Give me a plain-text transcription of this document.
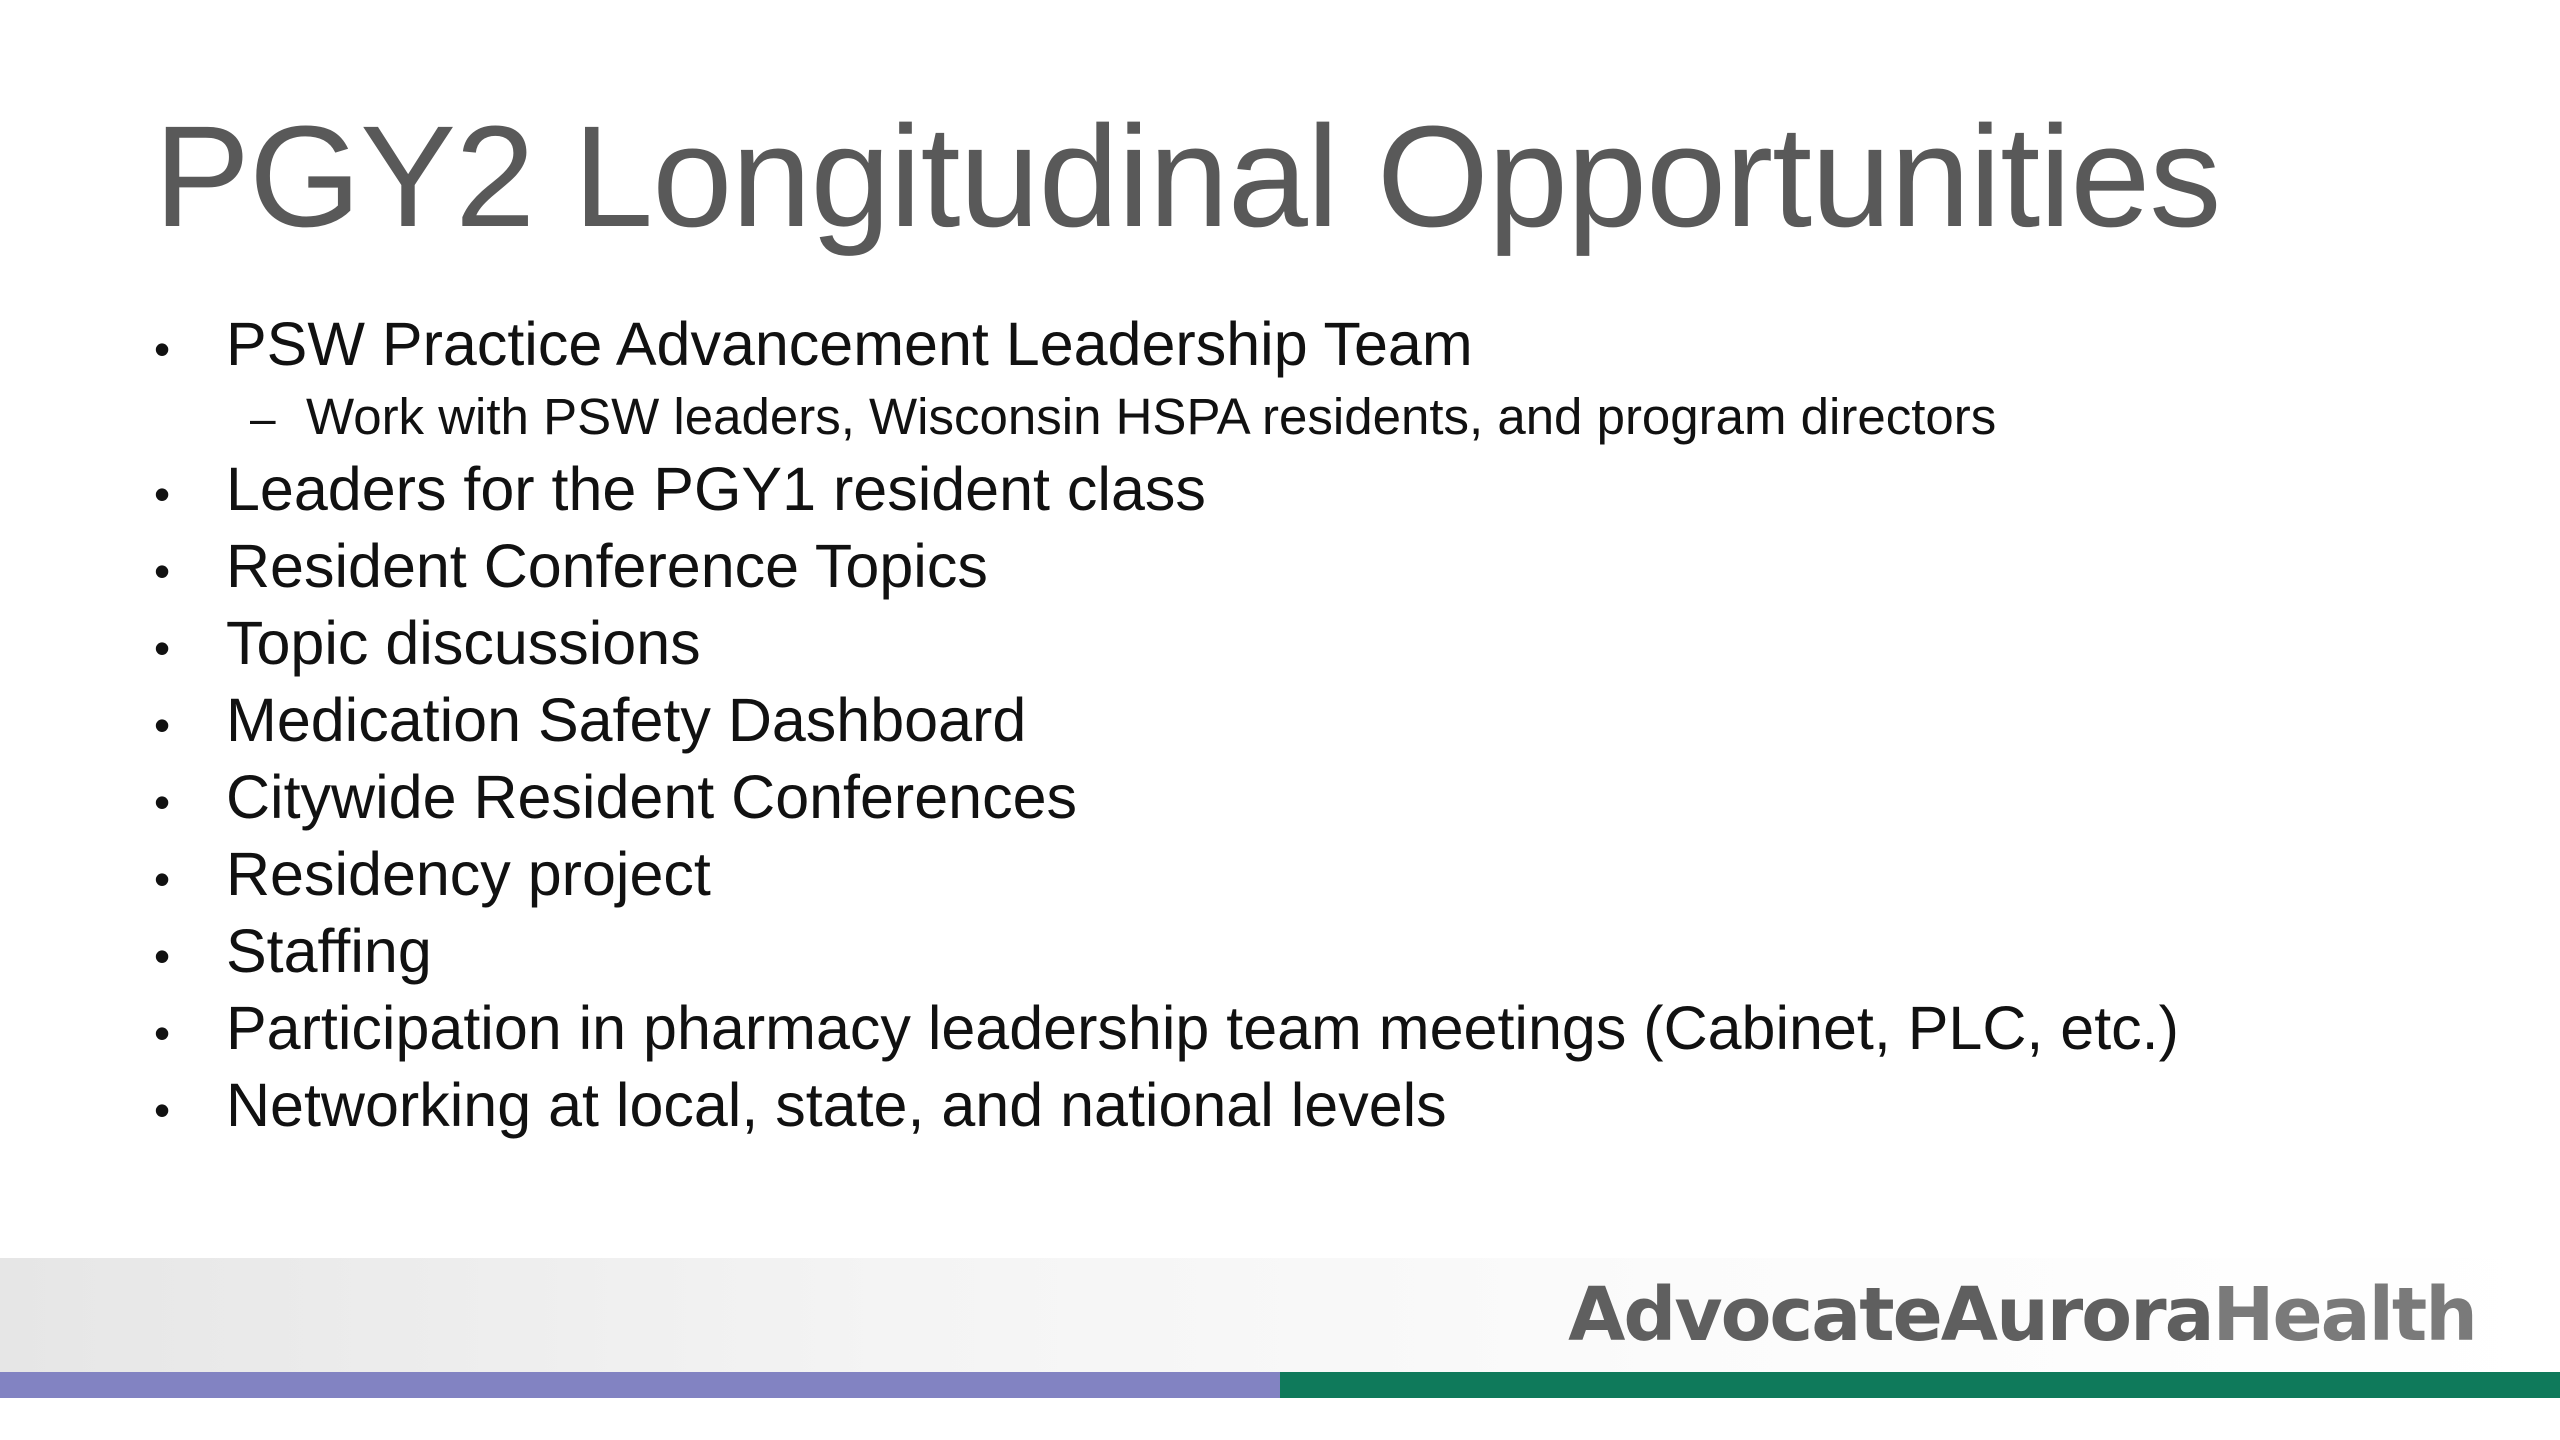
PGY2 Longitudinal Opportunities
• PSW Practice Advancement Leadership Team
– Work with PSW leaders, Wisconsin HSPA residents, and program directors
• Leaders for the PGY1 resident class
• Resident Conference Topics
• Topic discussions
• Medication Safety Dashboard
• Citywide Resident Conferences
• Residency project
• Staffing
• Participation in pharmacy leadership team meetings (Cabinet, PLC, etc.)
• Networking at local, state, and national levels
AdvocateAuroraHealth
